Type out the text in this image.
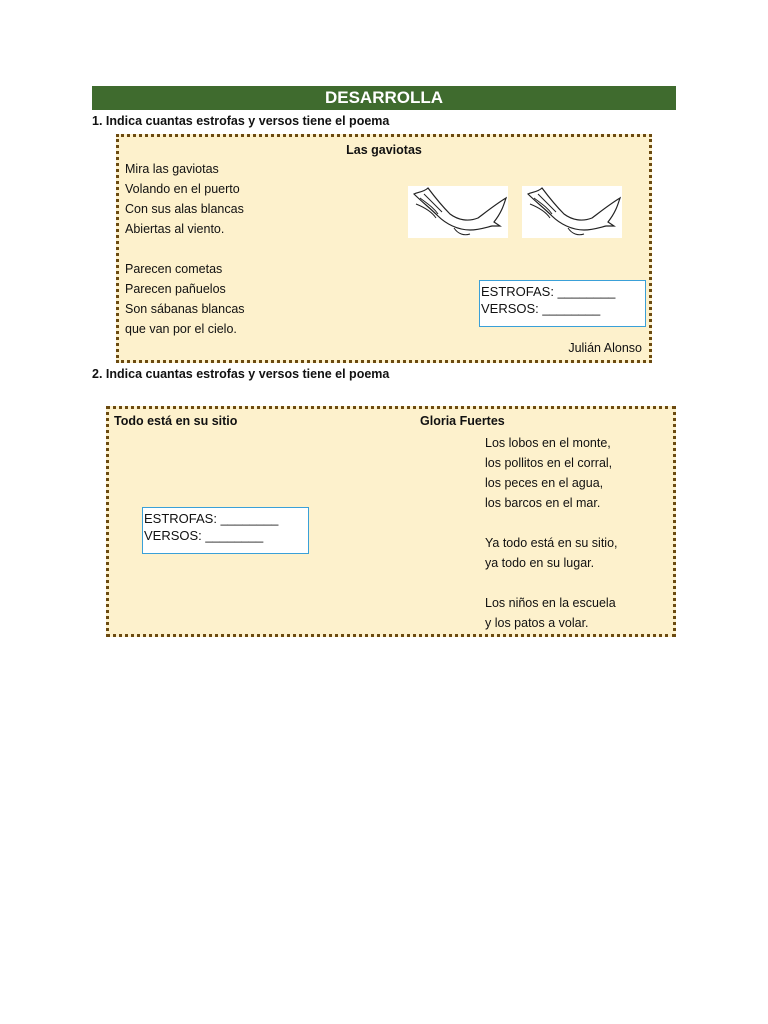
DESARROLLA
1. Indica cuantas estrofas y versos tiene el poema
Las gaviotas
Mira las gaviotas
Volando en el puerto
Con sus alas blancas
Abiertas al viento.
Parecen cometas
Parecen pañuelos
Son sábanas blancas
que van por el cielo.
ESTROFAS: ________
VERSOS: ________
Julián Alonso
2. Indica cuantas estrofas y versos tiene el poema
Todo está en su sitio	Gloria Fuertes
ESTROFAS: ________
VERSOS: ________
Los lobos en el monte,
los pollitos en el corral,
los peces en el agua,
los barcos en el mar.
Ya todo está en su sitio,
ya todo en su lugar.
Los niños en la escuela
y los patos a volar.
